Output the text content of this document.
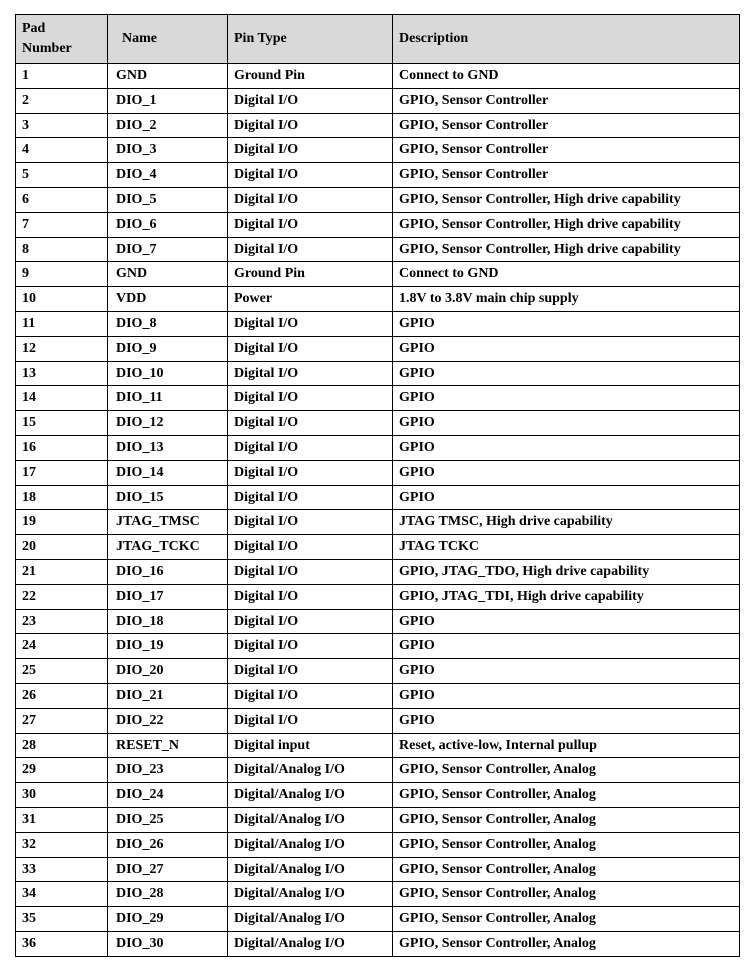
Pad
Number	Name	Pin Type	Description
1	GND	Ground Pin	Connect to GND
2	DIO_1	Digital I/O	GPIO, Sensor Controller
3	DIO_2	Digital I/O	GPIO, Sensor Controller
4	DIO_3	Digital I/O	GPIO, Sensor Controller
5	DIO_4	Digital I/O	GPIO, Sensor Controller
6	DIO_5	Digital I/O	GPIO, Sensor Controller, High drive capability
7	DIO_6	Digital I/O	GPIO, Sensor Controller, High drive capability
8	DIO_7	Digital I/O	GPIO, Sensor Controller, High drive capability
9	GND	Ground Pin	Connect to GND
10	VDD	Power	1.8V to 3.8V main chip supply
11	DIO_8	Digital I/O	GPIO
12	DIO_9	Digital I/O	GPIO
13	DIO_10	Digital I/O	GPIO
14	DIO_11	Digital I/O	GPIO
15	DIO_12	Digital I/O	GPIO
16	DIO_13	Digital I/O	GPIO
17	DIO_14	Digital I/O	GPIO
18	DIO_15	Digital I/O	GPIO
19	JTAG_TMSC	Digital I/O	JTAG TMSC, High drive capability
20	JTAG_TCKC	Digital I/O	JTAG TCKC
21	DIO_16	Digital I/O	GPIO, JTAG_TDO, High drive capability
22	DIO_17	Digital I/O	GPIO, JTAG_TDI, High drive capability
23	DIO_18	Digital I/O	GPIO
24	DIO_19	Digital I/O	GPIO
25	DIO_20	Digital I/O	GPIO
26	DIO_21	Digital I/O	GPIO
27	DIO_22	Digital I/O	GPIO
28	RESET_N	Digital input	Reset, active-low, Internal pullup
29	DIO_23	Digital/Analog I/O	GPIO, Sensor Controller, Analog
30	DIO_24	Digital/Analog I/O	GPIO, Sensor Controller, Analog
31	DIO_25	Digital/Analog I/O	GPIO, Sensor Controller, Analog
32	DIO_26	Digital/Analog I/O	GPIO, Sensor Controller, Analog
33	DIO_27	Digital/Analog I/O	GPIO, Sensor Controller, Analog
34	DIO_28	Digital/Analog I/O	GPIO, Sensor Controller, Analog
35	DIO_29	Digital/Analog I/O	GPIO, Sensor Controller, Analog
36	DIO_30	Digital/Analog I/O	GPIO, Sensor Controller, Analog
